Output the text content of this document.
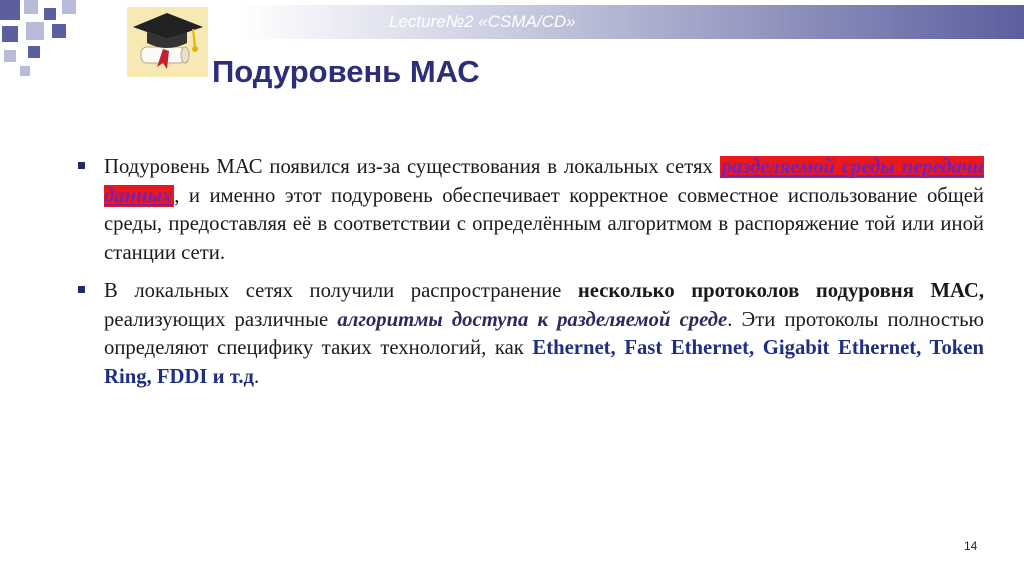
Lecture№2 «CSMA/CD»
Подуровень МАС

Подуровень МАС появился из-за существования в локальных сетях разделяемой среды передачи данных, и именно этот подуровень обеспечивает корректное совместное использование общей среды, предоставляя её в соответствии с определённым алгоритмом в распоряжение той или иной станции сети.

В локальных сетях получили распространение несколько протоколов подуровня МАС, реализующих различные алгоритмы доступа к разделяемой среде. Эти протоколы полностью определяют специфику таких технологий, как Ethernet, Fast Ethernet, Gigabit Ethernet, Token Ring, FDDI и т.д.

14
